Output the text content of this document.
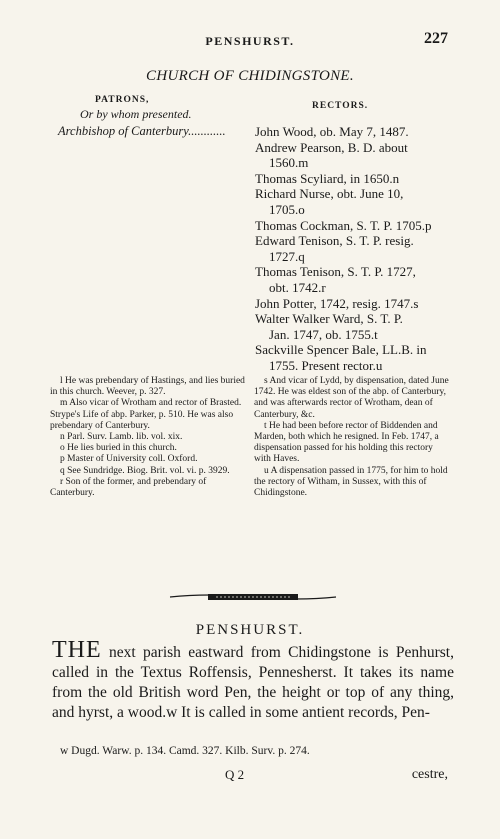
PENSHURST.	227
CHURCH OF CHIDINGSTONE.
PATRONS,
Or by whom presented.
RECTORS.
Archbishop of Canterbury............ John Wood, ob. May 7, 1487.

Andrew Pearson, B. D. about

1560.m

Thomas Scyliard, in 1650.n

Richard Nurse, obt. June 10,

1705.o

Thomas Cockman, S. T. P. 1705.p

Edward Tenison, S. T. P. resig.

1727.q

Thomas Tenison, S. T. P. 1727,

obt. 1742.r

John Potter, 1742, resig. 1747.s

Walter Walker Ward, S. T. P.

Jan. 1747, ob. 1755.t

Sackville Spencer Bale, LL.B. in

1755. Present rector.u

l He was prebendary of Hastings, and lies buried in this church. Weever, p. 327.

m Also vicar of Wrotham and rector of Brasted. Strype's Life of abp. Parker, p. 510. He was also prebendary of Canterbury.

n Parl. Surv. Lamb. lib. vol. xix.

o He lies buried in this church.

p Master of University coll. Oxford.

q See Sundridge. Biog. Brit. vol. vi. p. 3929.

r Son of the former, and prebendary of Canterbury.

s And vicar of Lydd, by dispensation, dated June 1742. He was eldest son of the abp. of Canterbury, and was afterwards rector of Wrotham, dean of Canterbury, &c.

t He had been before rector of Biddenden and Marden, both which he resigned. In Feb. 1747, a dispensation passed for his holding this rectory with Haves.

u A dispensation passed in 1775, for him to hold the rectory of Witham, in Sussex, with this of Chidingstone.

PENSHURST.

THE next parish eastward from Chidingstone is Penhurst, called in the Textus Roffensis, Pennesherst. It takes its name from the old British word Pen, the height or top of any thing, and hyrst, a wood.w It is called in some antient records, Pen-

w Dugd. Warw. p. 134. Camd. 327. Kilb. Surv. p. 274.
Q 2	cestre,
